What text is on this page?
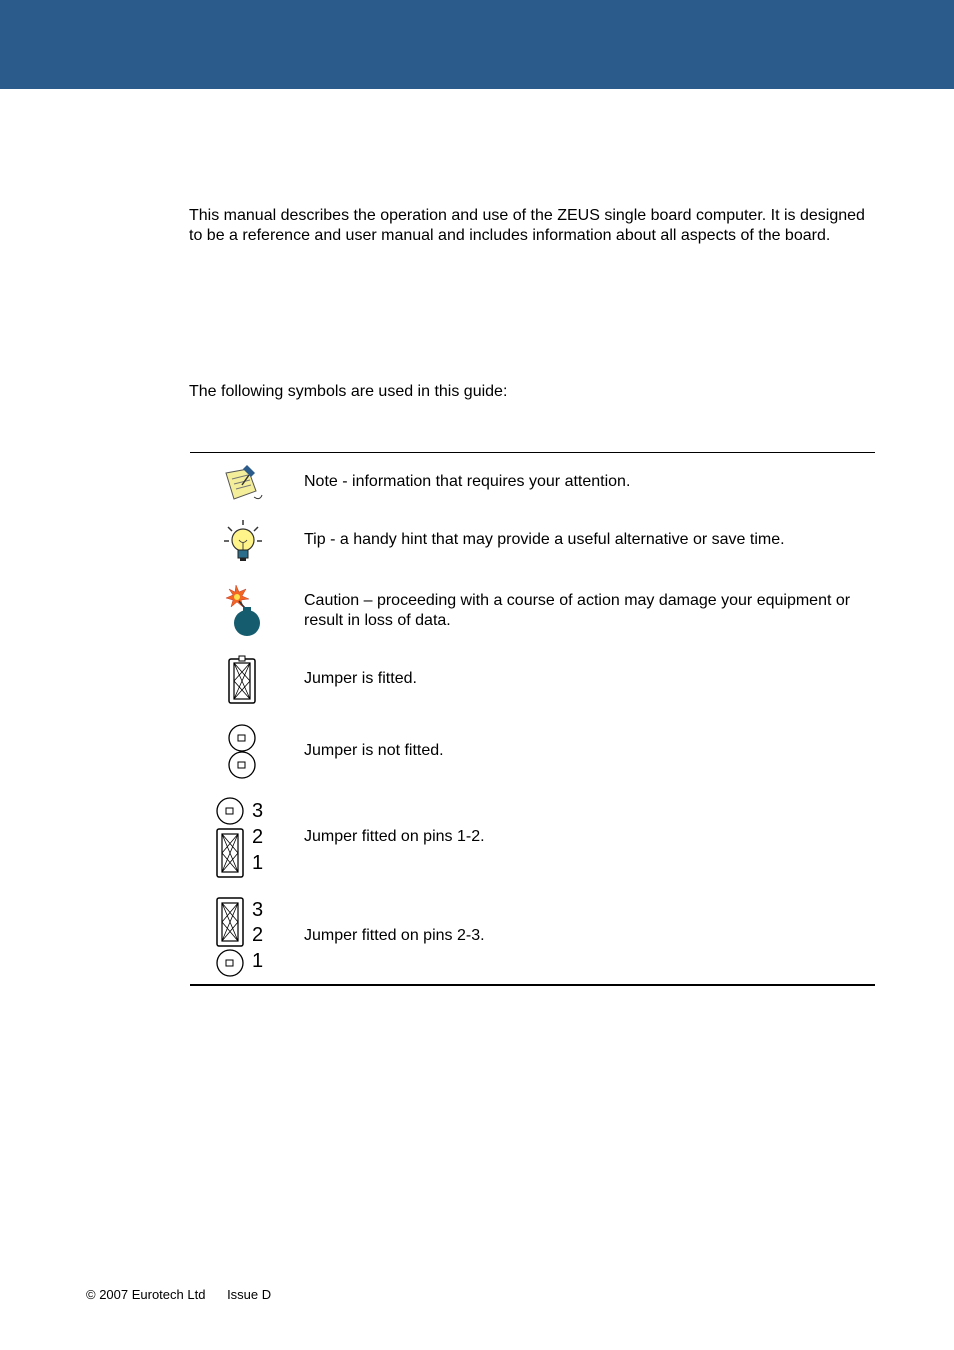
This manual describes the operation and use of the ZEUS single board computer. It is designed to be a reference and user manual and includes information about all aspects of the board.

The following symbols are used in this guide:

Note - information that requires your attention.
Tip - a handy hint that may provide a useful alternative or save time.
Caution – proceeding with a course of action may damage your equipment or result in loss of data.
Jumper is fitted.
Jumper is not fitted.
3
2
1
Jumper fitted on pins 1-2.
3
2
1
Jumper fitted on pins 2-3.
© 2007 Eurotech Ltd Issue D
